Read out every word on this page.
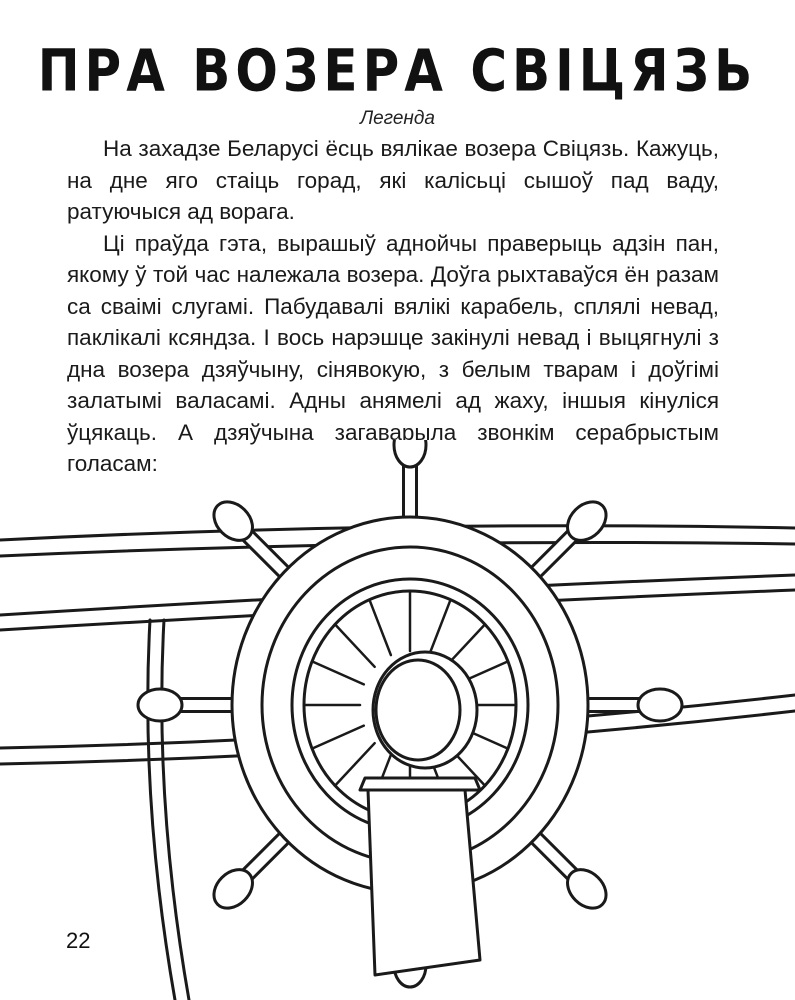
ПРА ВОЗЕРА СВІЦЯЗЬ
Легенда

На захадзе Беларусі ёсць вялікае возера Свіцязь. Кажуць, на дне яго стаіць горад, які калісьці сышоў пад ваду, ратуючыся ад ворага.

Ці праўда гэта, вырашыў аднойчы праверыць адзін пан, якому ў той час належала возера. Доўга рыхтаваўся ён разам са сваімі слугамі. Пабудавалі вялікі карабель, сплялі невад, паклікалі ксяндза. І вось нарэшце закінулі невад і выцягнулі з дна возера дзяўчыну, сінявокую, з белым тварам і доўгімі залатымі валасамі. Адны анямелі ад жаху, іншыя кінуліся ўцякаць. А дзяўчына загаварыла звонкім серабрыстым голасам:

22
